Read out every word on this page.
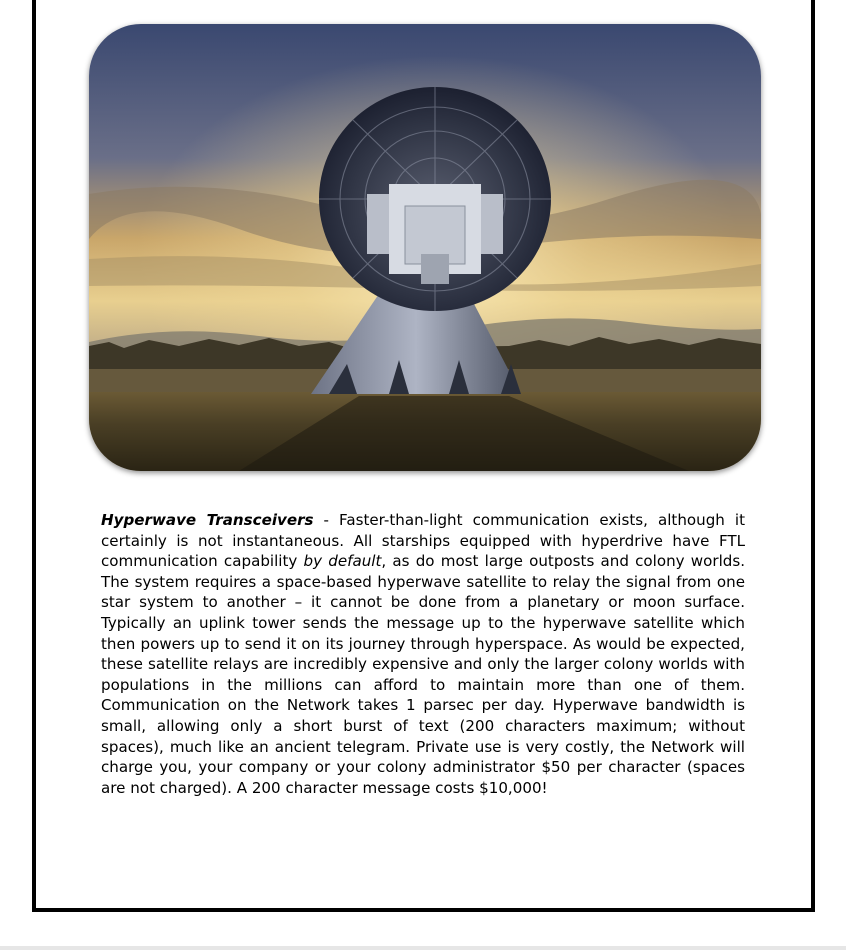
Hyperwave Transceivers - Faster-than-light communication exists, although it certainly is not instantaneous. All starships equipped with hyperdrive have FTL communication capability by default, as do most large outposts and colony worlds. The system requires a space-based hyperwave satellite to relay the signal from one star system to another – it cannot be done from a planetary or moon surface. Typically an uplink tower sends the message up to the hyperwave satellite which then powers up to send it on its journey through hyperspace. As would be expected, these satellite relays are incredibly expensive and only the larger colony worlds with populations in the millions can afford to maintain more than one of them. Communication on the Network takes 1 parsec per day. Hyperwave bandwidth is small, allowing only a short burst of text (200 characters maximum; without spaces), much like an ancient telegram. Private use is very costly, the Network will charge you, your company or your colony administrator $50 per character (spaces are not charged). A 200 character message costs $10,000!
